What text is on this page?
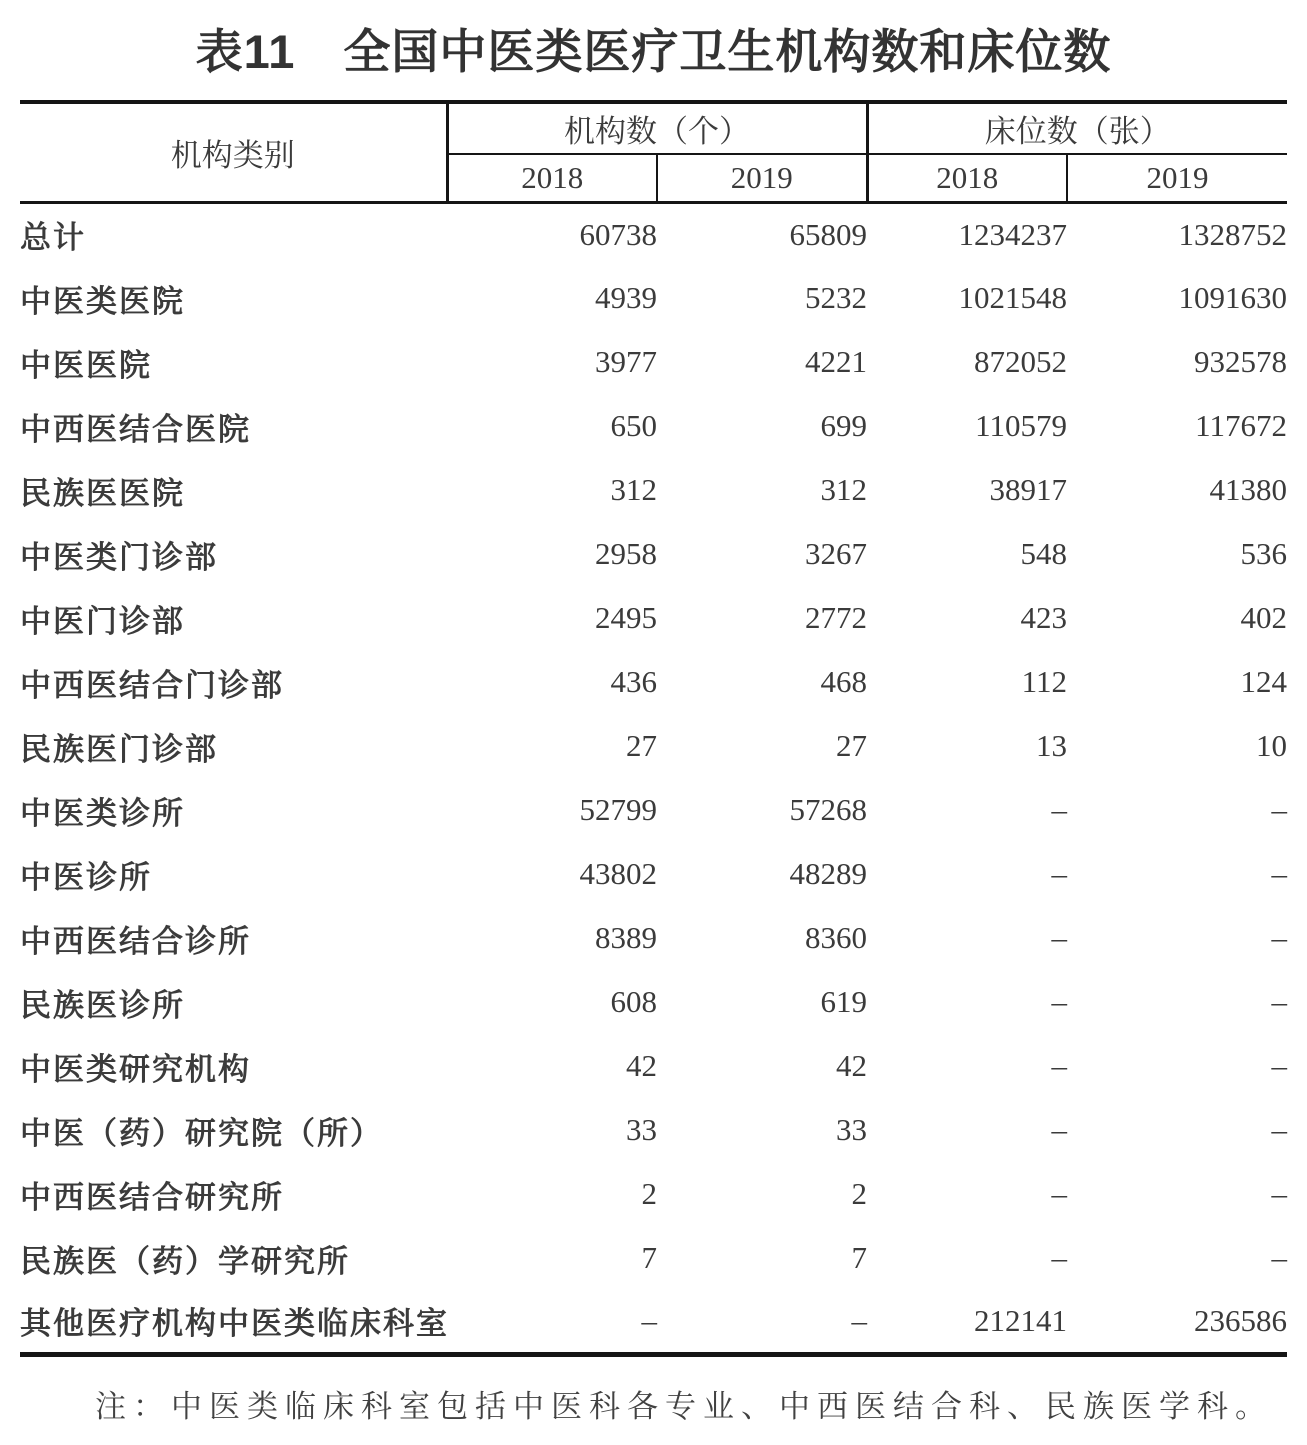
表11　全国中医类医疗卫生机构数和床位数
机构类别	机构数（个）		床位数（张）	
	2018	2019	2018	2019
总计	60738	65809	1234237	1328752
中医类医院	4939	5232	1021548	1091630
中医医院	3977	4221	872052	932578
中西医结合医院	650	699	110579	117672
民族医医院	312	312	38917	41380
中医类门诊部	2958	3267	548	536
中医门诊部	2495	2772	423	402
中西医结合门诊部	436	468	112	124
民族医门诊部	27	27	13	10
中医类诊所	52799	57268	–	–
中医诊所	43802	48289	–	–
中西医结合诊所	8389	8360	–	–
民族医诊所	608	619	–	–
中医类研究机构	42	42	–	–
中医（药）研究院（所）	33	33	–	–
中西医结合研究所	2	2	–	–
民族医（药）学研究所	7	7	–	–
其他医疗机构中医类临床科室	–	–	212141	236586

注：中医类临床科室包括中医科各专业、中西医结合科、民族医学科。
